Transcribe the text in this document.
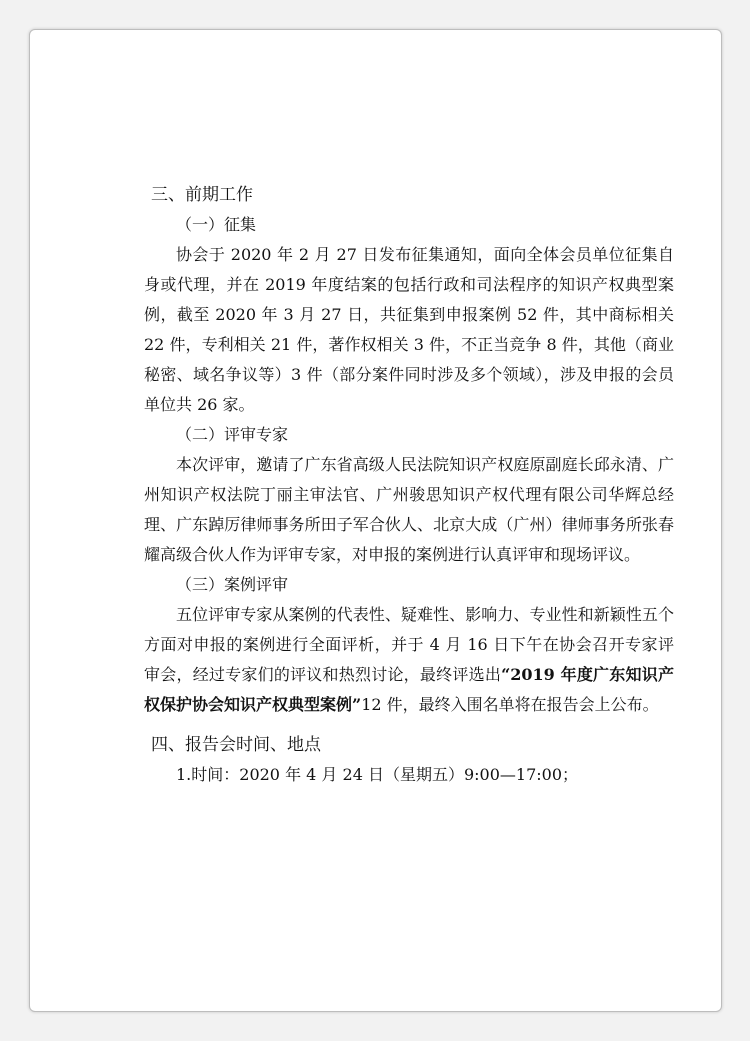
三、前期工作
（一）征集

协会于 2020 年 2 月 27 日发布征集通知，面向全体会员单位征集自身或代理，并在 2019 年度结案的包括行政和司法程序的知识产权典型案例，截至 2020 年 3 月 27 日，共征集到申报案例 52 件，其中商标相关 22 件，专利相关 21 件，著作权相关 3 件，不正当竞争 8 件，其他（商业秘密、域名争议等）3 件（部分案件同时涉及多个领域），涉及申报的会员单位共 26 家。

（二）评审专家

本次评审，邀请了广东省高级人民法院知识产权庭原副庭长邱永清、广州知识产权法院丁丽主审法官、广州骏思知识产权代理有限公司华辉总经理、广东踔厉律师事务所田子军合伙人、北京大成（广州）律师事务所张春耀高级合伙人作为评审专家，对申报的案例进行认真评审和现场评议。

（三）案例评审

五位评审专家从案例的代表性、疑难性、影响力、专业性和新颖性五个方面对申报的案例进行全面评析，并于 4 月 16 日下午在协会召开专家评审会，经过专家们的评议和热烈讨论，最终评选出“2019 年度广东知识产权保护协会知识产权典型案例”12 件，最终入围名单将在报告会上公布。

四、报告会时间、地点

1.时间：2020 年 4 月 24 日（星期五）9:00—17:00；
